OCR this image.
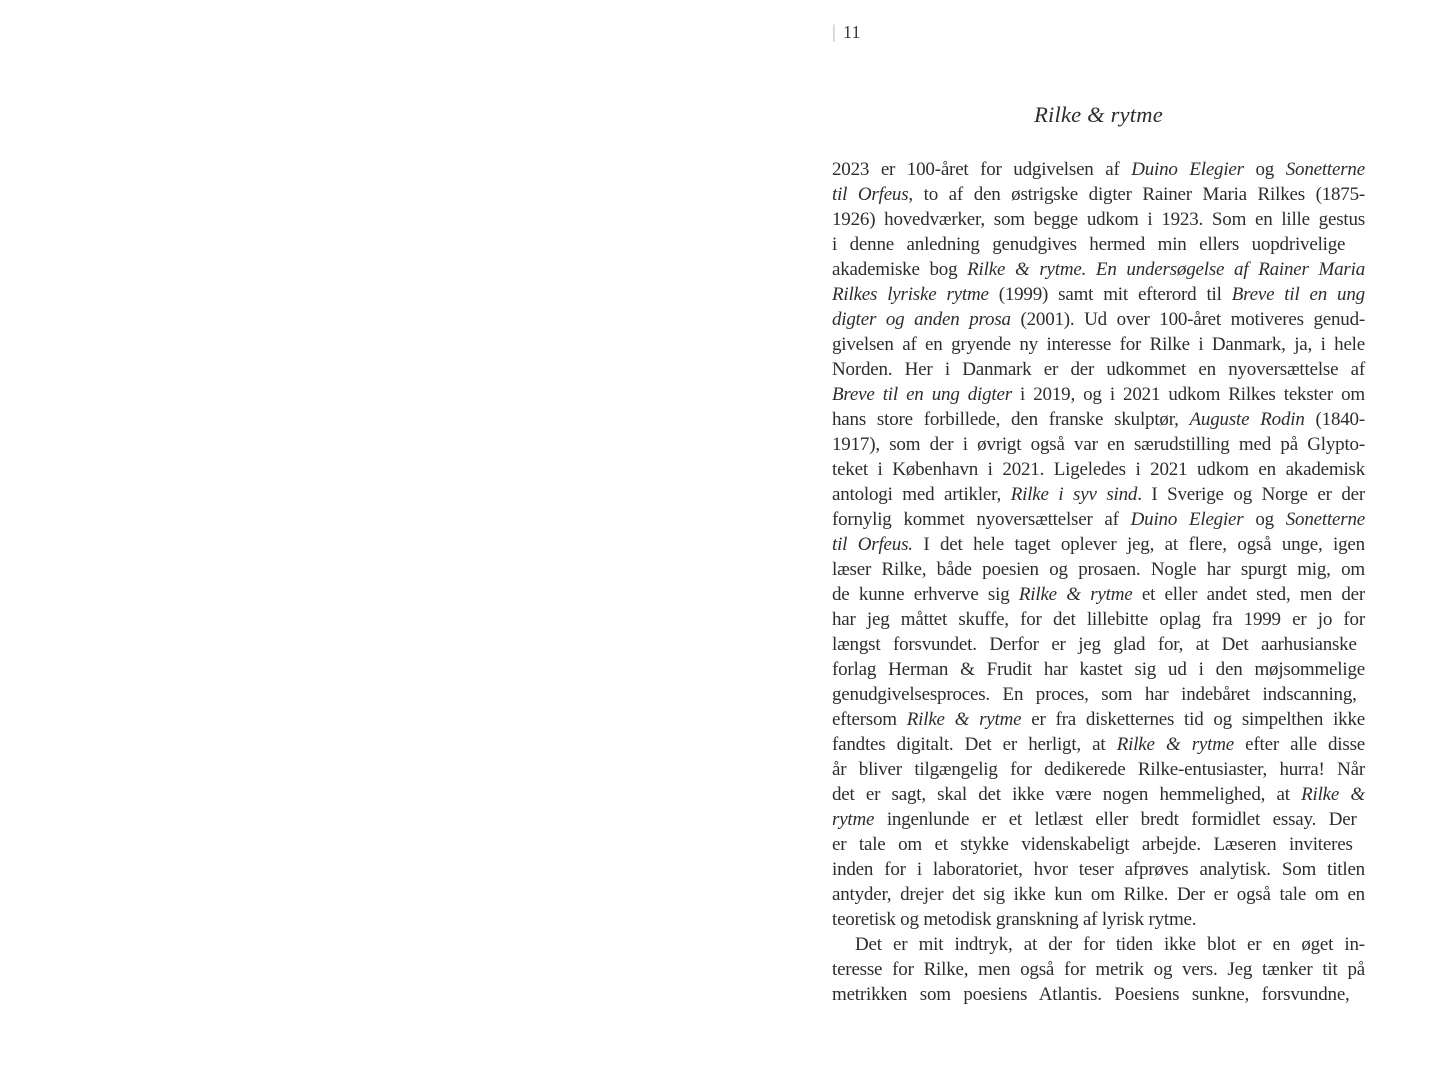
| 11
Rilke & rytme
2023 er 100-året for udgivelsen af Duino Elegier og Sonetterne
til Orfeus, to af den østrigske digter Rainer Maria Rilkes (1875-
1926) hovedværker, som begge udkom i 1923. Som en lille gestus
i denne anledning genudgives hermed min ellers uopdrivelige
akademiske bog Rilke & rytme. En undersøgelse af Rainer Maria
Rilkes lyriske rytme (1999) samt mit efterord til Breve til en ung
digter og anden prosa (2001). Ud over 100-året motiveres genud-
givelsen af en gryende ny interesse for Rilke i Danmark, ja, i hele
Norden. Her i Danmark er der udkommet en nyoversættelse af
Breve til en ung digter i 2019, og i 2021 udkom Rilkes tekster om
hans store forbillede, den franske skulptør, Auguste Rodin (1840-
1917), som der i øvrigt også var en særudstilling med på Glypto-
teket i København i 2021. Ligeledes i 2021 udkom en akademisk
antologi med artikler, Rilke i syv sind. I Sverige og Norge er der
fornylig kommet nyoversættelser af Duino Elegier og Sonetterne
til Orfeus. I det hele taget oplever jeg, at flere, også unge, igen
læser Rilke, både poesien og prosaen. Nogle har spurgt mig, om
de kunne erhverve sig Rilke & rytme et eller andet sted, men der
har jeg måttet skuffe, for det lillebitte oplag fra 1999 er jo for
længst forsvundet. Derfor er jeg glad for, at Det aarhusianske
forlag Herman & Frudit har kastet sig ud i den møjsommelige
genudgivelsesproces. En proces, som har indebåret indscanning,
eftersom Rilke & rytme er fra disketternes tid og simpelthen ikke
fandtes digitalt. Det er herligt, at Rilke & rytme efter alle disse
år bliver tilgængelig for dedikerede Rilke-entusiaster, hurra! Når
det er sagt, skal det ikke være nogen hemmelighed, at Rilke &
rytme ingenlunde er et letlæst eller bredt formidlet essay. Der
er tale om et stykke videnskabeligt arbejde. Læseren inviteres
inden for i laboratoriet, hvor teser afprøves analytisk. Som titlen
antyder, drejer det sig ikke kun om Rilke. Der er også tale om en
teoretisk og metodisk granskning af lyrisk rytme.
Det er mit indtryk, at der for tiden ikke blot er en øget in-
teresse for Rilke, men også for metrik og vers. Jeg tænker tit på
metrikken som poesiens Atlantis. Poesiens sunkne, forsvundne,
